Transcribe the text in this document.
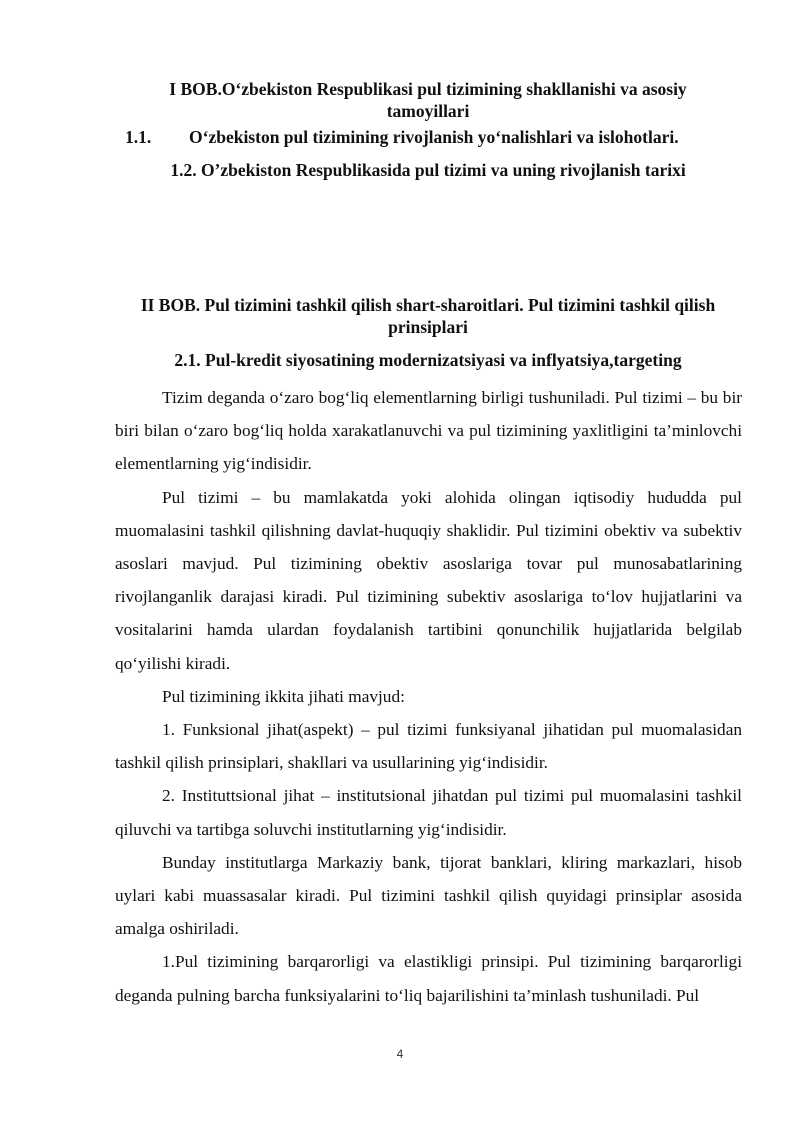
I BOB.O‘zbekiston Respublikasi pul tizimining shakllanishi va asosiy
tamoyillari
1.1. O‘zbekiston pul tizimining rivojlanish yo‘nalishlari va islohotlari.
1.2. O’zbekiston Respublikasida pul tizimi va uning rivojlanish tarixi
II BOB. Pul tizimini tashkil qilish shart-sharoitlari. Pul tizimini tashkil qilish
prinsiplari
2.1. Pul-kredit siyosatining modernizatsiyasi va inflyatsiya,targeting

Tizim deganda o‘zaro bog‘liq elementlarning birligi tushuniladi. Pul tizimi – bu bir biri bilan o‘zaro bog‘liq holda xarakatlanuvchi va pul tizimining yaxlitligini ta’minlovchi elementlarning yig‘indisidir.

Pul tizimi – bu mamlakatda yoki alohida olingan iqtisodiy hududda pul muomalasini tashkil qilishning davlat-huquqiy shaklidir. Pul tizimini obektiv va subektiv asoslari mavjud. Pul tizimining obektiv asoslariga tovar pul munosabatlarining rivojlanganlik darajasi kiradi. Pul tizimining subektiv asoslariga to‘lov hujjatlarini va vositalarini hamda ulardan foydalanish tartibini qonunchilik hujjatlarida belgilab qo‘yilishi kiradi.

Pul tizimining ikkita jihati mavjud:

1. Funksional jihat(aspekt) – pul tizimi funksiyanal jihatidan pul muomalasidan tashkil qilish prinsiplari, shakllari va usullarining yig‘indisidir.

2. Instituttsional jihat – institutsional jihatdan pul tizimi pul muomalasini tashkil qiluvchi va tartibga soluvchi institutlarning yig‘indisidir.

Bunday institutlarga Markaziy bank, tijorat banklari, kliring markazlari, hisob uylari kabi muassasalar kiradi. Pul tizimini tashkil qilish quyidagi prinsiplar asosida amalga oshiriladi.

1.Pul tizimining barqarorligi va elastikligi prinsipi. Pul tizimining barqarorligi deganda pulning barcha funksiyalarini to‘liq bajarilishini ta’minlash tushuniladi. Pul

4
